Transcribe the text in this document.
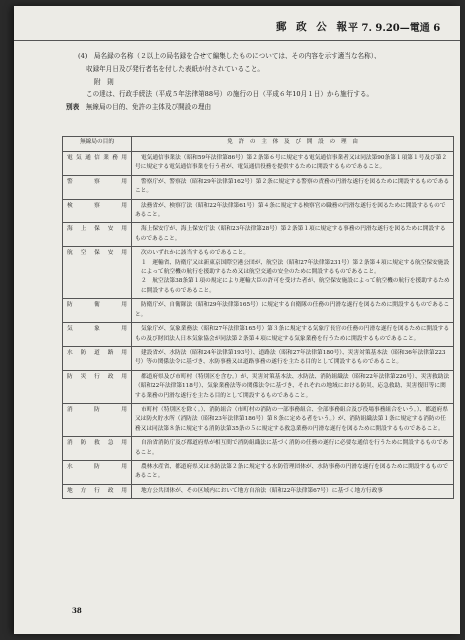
郵 政 公 報
平 7. 9.20—電通 6

(4)　局名録の名称（２以上の局名録を合せて編集したものについては、その内容を示す適当な名称）、

収録年月日及び発行者名を付した表紙が付されていること。

附　則

この達は、行政手続法（平成５年法律第88号）の施行の日（平成６年10月１日）から施行する。

別表　 無線局の目的、免許の主体及び開設の理由

無線局の目的	免　許　の　主　体　及　び　開　設　の　理　由
電気通信業務用	電気通信事業法（昭和59年法律第86号）第２条第６号に規定する電気通信事業者又は同法第90条第１項第１号及び第２号に規定する電気通信事業を行う者が、電気通信役務を提供するために開設するものであること。
警察用	警察庁が、警察法（昭和29年法律第162号）第２条に規定する警察の責務の円滑な遂行を図るために開設するものであること。
検察用	法務省が、検察庁法（昭和22年法律第61号）第４条に規定する検察官の職務の円滑な遂行を図るために開設するものであること。
海上保安用	海上保安庁が、海上保安庁法（昭和23年法律第28号）第２条第１項に規定する事務の円滑な遂行を図るために開設するものであること。
航空保安用	次のいずれかに該当するものであること。

１　運輸省、防衛庁又は新東京国際空港公団が、航空法（昭和27年法律第231号）第２条第４項に規定する航空保安施設によって航空機の航行を援助するため又は航空交通の安全のために開設するものであること。

２　航空法第38条第１項の規定により運輸大臣の許可を受けた者が、航空保安施設によって航空機の航行を援助するために開設するものであること。

防衛用	防衛庁が、自衛隊法（昭和29年法律第165号）に規定する自衛隊の任務の円滑な遂行を図るために開設するものであること。
気象用	気象庁が、気象業務法（昭和27年法律第165号）第３条に規定する気象庁長官の任務の円滑な遂行を図るために開設するもの及び財団法人日本気象協会が同法第２条第４項に規定する気象業務を行うために開設するものであること。
水防道路用	建設省が、水防法（昭和24年法律第193号）、道路法（昭和27年法律第180号）、災害対策基本法（昭和36年法律第223号）等の関係法令に基づき、水防事務又は道路事務の遂行を主たる目的として開設するものであること。
防災行政用	都道府県及び市町村（特別区を含む。）が、災害対策基本法、水防法、消防組織法（昭和22年法律第226号）、災害救助法（昭和22年法律第118号）、気象業務法等の関係法令に基づき、それぞれの地域における防災、応急救助、災害復旧等に関する業務の円滑な遂行を主たる目的として開設するものであること。
消防用	市町村（特別区を除く。）、消防組合（市町村の消防の一部事務組合、全部事務組合及び役場事務組合をいう。）、都道府県又は防火貯水所（消防法（昭和23年法律第186号）第８条に定める者をいう。）が、消防組織法第１条に規定する消防の任務又は同法第８条に規定する消防法第35条の５に規定する救急業務の円滑な遂行を図るために開設するものであること。
消防救急用	自治省消防庁及び都道府県が相互間で消防組織法に基づく消防の任務の遂行に必要な通信を行うために開設するものであること。
水防用	農林水産省、都道府県又は水防法第２条に規定する水防管理団体が、水防事務の円滑な遂行を図るために開設するものであること。
地方行政用	地方公共団体が、その区域内において地方自治法（昭和22年法律第67号）に基づく地方行政事
38
